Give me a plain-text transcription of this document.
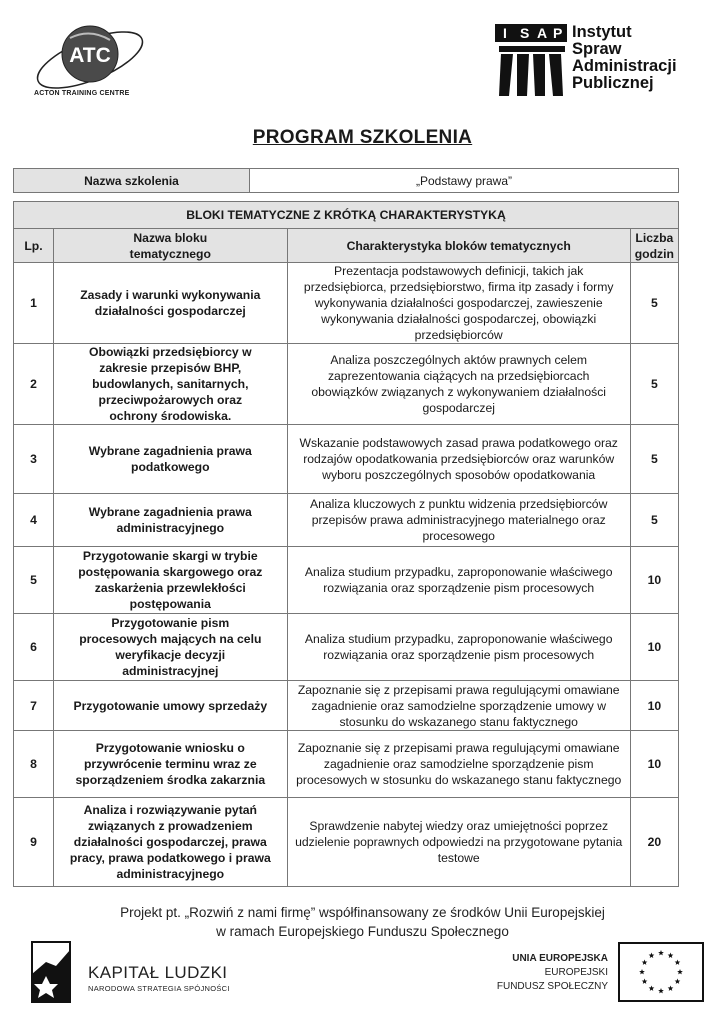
ATC
ACTON TRAINING CENTRE
I S A P Instytut
Spraw
Administracji
Publicznej
PROGRAM SZKOLENIA
Nazwa szkolenia	„Podstawy prawa”
BLOKI TEMATYCZNE Z KRÓTKĄ CHARAKTERYSTYKĄ			
Lp.	Nazwa bloku tematycznego	Charakterystyka bloków tematycznych	Liczba godzin
1	Zasady i warunki wykonywania działalności gospodarczej	Prezentacja podstawowych definicji, takich jak przedsiębiorca, przedsiębiorstwo, firma itp zasady i formy wykonywania działalności gospodarczej, zawieszenie wykonywania działalności gospodarczej, obowiązki przedsiębiorców	5
2	Obowiązki przedsiębiorcy w zakresie przepisów BHP, budowlanych, sanitarnych, przeciwpożarowych oraz ochrony środowiska.	Analiza poszczególnych aktów prawnych celem zaprezentowania ciążących na przedsiębiorcach obowiązków związanych z wykonywaniem działalności gospodarczej	5
3	Wybrane zagadnienia prawa podatkowego	Wskazanie podstawowych zasad prawa podatkowego oraz rodzajów opodatkowania przedsiębiorców oraz warunków wyboru poszczególnych sposobów opodatkowania	5
4	Wybrane zagadnienia prawa administracyjnego	Analiza kluczowych z punktu widzenia przedsiębiorców przepisów prawa administracyjnego materialnego oraz procesowego	5
5	Przygotowanie skargi w trybie postępowania skargowego oraz zaskarżenia przewlekłości postępowania	Analiza studium przypadku, zaproponowanie właściwego rozwiązania oraz sporządzenie pism procesowych	10
6	Przygotowanie pism procesowych mających na celu weryfikacje decyzji administracyjnej	Analiza studium przypadku, zaproponowanie właściwego rozwiązania oraz sporządzenie pism procesowych	10
7	Przygotowanie umowy sprzedaży	Zapoznanie się z przepisami prawa regulującymi omawiane zagadnienie oraz samodzielne sporządzenie umowy w stosunku do wskazanego stanu faktycznego	10
8	Przygotowanie wniosku o przywrócenie terminu wraz ze sporządzeniem środka zakarznia	Zapoznanie się z przepisami prawa regulującymi omawiane zagadnienie oraz samodzielne sporządzenie pism procesowych w stosunku do wskazanego stanu faktycznego	10
9	Analiza i rozwiązywanie pytań związanych z prowadzeniem działalności gospodarczej, prawa pracy, prawa podatkowego i prawa administracyjnego	Sprawdzenie nabytej wiedzy oraz umiejętności poprzez udzielenie poprawnych odpowiedzi na przygotowane pytania testowe	20
Projekt pt. „Rozwiń z nami firmę” współfinansowany ze środków Unii Europejskiej
w ramach Europejskiego Funduszu Społecznego
KAPITAŁ LUDZKI
NARODOWA STRATEGIA SPÓJNOŚCI
UNIA EUROPEJSKA
EUROPEJSKI
FUNDUSZ SPOŁECZNY
